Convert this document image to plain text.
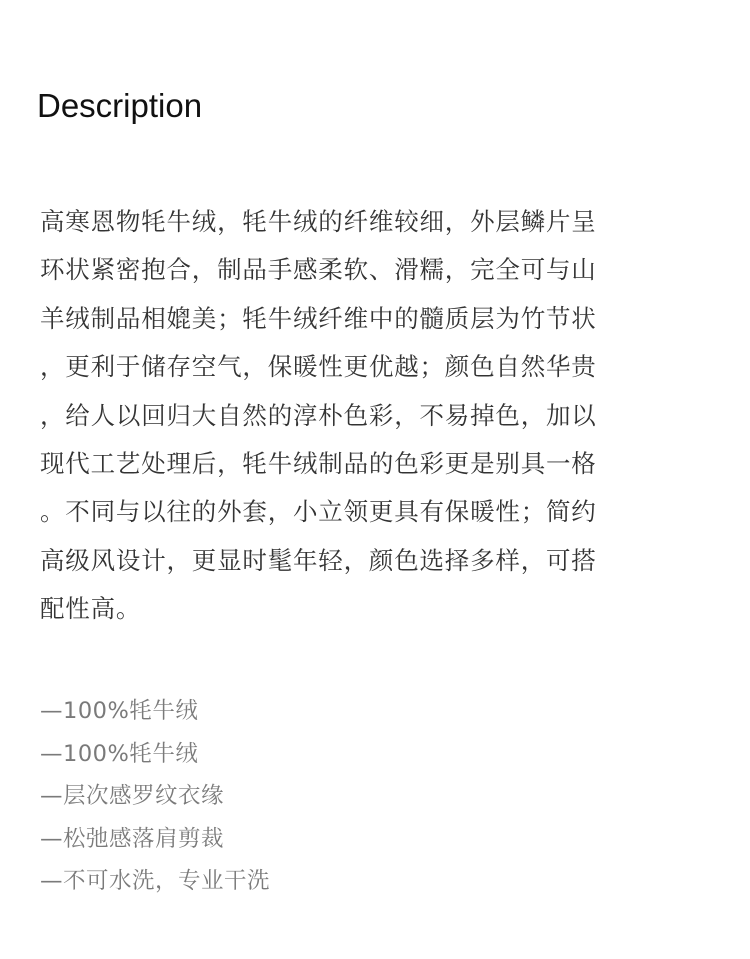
Description
高寒恩物牦牛绒，牦牛绒的纤维较细，外层鳞片呈
环状紧密抱合，制品手感柔软、滑糯，完全可与山
羊绒制品相媲美；牦牛绒纤维中的髓质层为竹节状
，更利于储存空气，保暖性更优越；颜色自然华贵
，给人以回归大自然的淳朴色彩，不易掉色，加以
现代工艺处理后，牦牛绒制品的色彩更是别具一格
。不同与以往的外套，小立领更具有保暖性；简约
高级风设计，更显时髦年轻，颜色选择多样，可搭
配性高。
—100%牦牛绒
—100%牦牛绒
—层次感罗纹衣缘
—松弛感落肩剪裁
—不可水洗，专业干洗
